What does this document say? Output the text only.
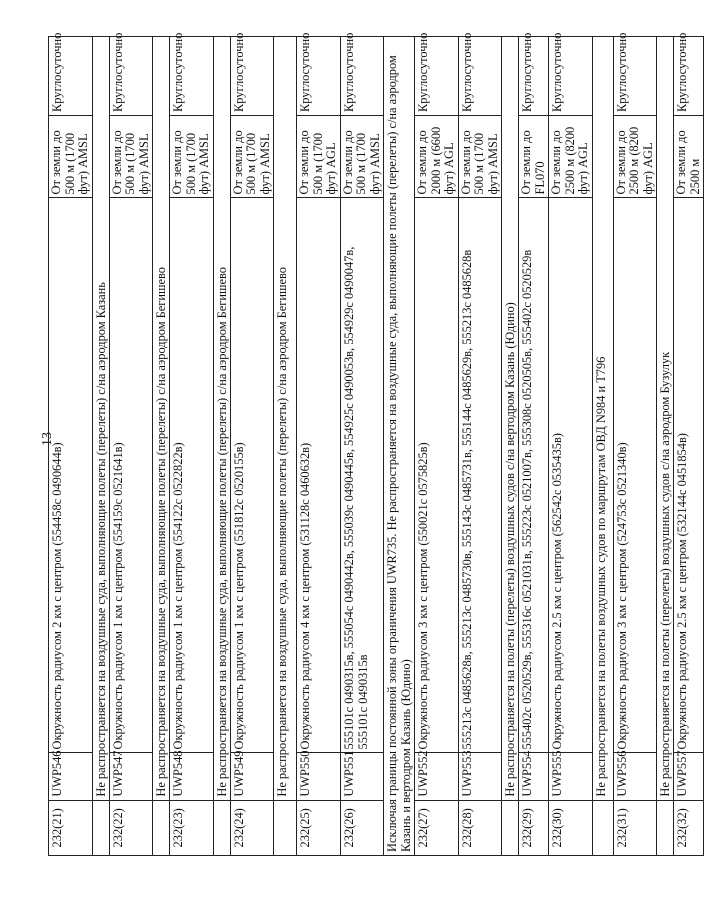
13
232(21)	UWP546	Окружность радиусом 2 км с центром (554458с 0490644в)	От земли до 500 м (1700 фут) AMSL	Круглосуточно
	Не распространяется на воздушные суда, выполняющие полеты (перелеты) с/на аэродром Казань			
232(22)	UWP547	Окружность радиусом 1 км с центром (554159с 0521641в)	От земли до 500 м (1700 фут) AMSL	Круглосуточно
	Не распространяется на воздушные суда, выполняющие полеты (перелеты) с/на аэродром Бегишево			
232(23)	UWP548	Окружность радиусом 1 км с центром (554122с 0522822в)	От земли до 500 м (1700 фут) AMSL	Круглосуточно
	Не распространяется на воздушные суда, выполняющие полеты (перелеты) с/на аэродром Бегишево			
232(24)	UWP549	Окружность радиусом 1 км с центром (551812с 0520155в)	От земли до 500 м (1700 фут) AMSL	Круглосуточно
	Не распространяется на воздушные суда, выполняющие полеты (перелеты) с/на аэродром Бегишево			
232(25)	UWP550	Окружность радиусом 4 км с центром (531128с 0460632в)	От земли до 500 м (1700 фут) AGL	Круглосуточно
232(26)	UWP551	555101с 0490315в, 555054с 0490442в, 555039с 0490445в, 554925с 0490053в, 554929с 0490047в, 555101с 0490315в	От земли до 500 м (1700 фут) AMSL	Круглосуточно
Исключая границы постоянной зоны ограничения UWR735. Не распространяется на воздушные суда, выполняющие полеты (перелеты) с/на аэродром Казань и вертодром Казань (Юдино)				
232(27)	UWP552	Окружность радиусом 3 км с центром (550021с 0575825в)	От земли до 2000 м (6600 фут) AGL	Круглосуточно
232(28)	UWP553	555213с 0485628в, 555213с 0485730в, 555143с 0485731в, 555144с 0485629в, 555213с 0485628в	От земли до 500 м (1700 фут) AMSL	Круглосуточно
	Не распространяется на полеты (перелеты) воздушных судов с/на вертодром Казань (Юдино)			
232(29)	UWP554	555402с 0520529в, 555316с 0521031в, 555223с 0521007в, 555308с 0520505в, 555402с 0520529в	От земли до FL070	Круглосуточно
232(30)	UWP555	Окружность радиусом 2.5 км с центром (562542с 0535435в)	От земли до 2500 м (8200 фут) AGL	Круглосуточно
	Не распространяется на полеты воздушных судов по маршрутам ОВД N984 и T796			
232(31)	UWP556	Окружность радиусом 3 км с центром (524753с 0521340в)	От земли до 2500 м (8200 фут) AGL	Круглосуточно
	Не распространяется на полеты (перелеты) воздушных судов с/на аэродром Бузулук			
232(32)	UWP557	Окружность радиусом 2.5 км с центром (532144с 0451854в)	От земли до 2500 м	Круглосуточно
